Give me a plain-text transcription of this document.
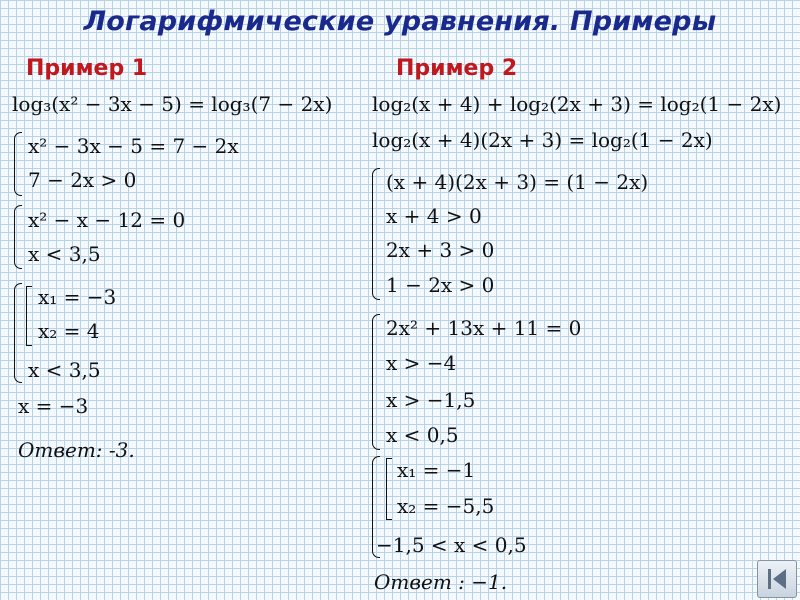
Логарифмические уравнения. Примеры
Пример 1
log₃(x² − 3x − 5) = log₃(7 − 2x)
x² − 3x − 5 = 7 − 2x
7 − 2x > 0
x² − x − 12 = 0
x < 3,5
x₁ = −3
x₂ = 4
x < 3,5
x = −3
Ответ: -3.
Пример 2
log₂(x + 4) + log₂(2x + 3) = log₂(1 − 2x)
log₂(x + 4)(2x + 3) = log₂(1 − 2x)
(x + 4)(2x + 3) = (1 − 2x)
x + 4 > 0
2x + 3 > 0
1 − 2x > 0
2x² + 13x + 11 = 0
x > −4
x > −1,5
x < 0,5
x₁ = −1
x₂ = −5,5
−1,5 < x < 0,5
Ответ : −1.
